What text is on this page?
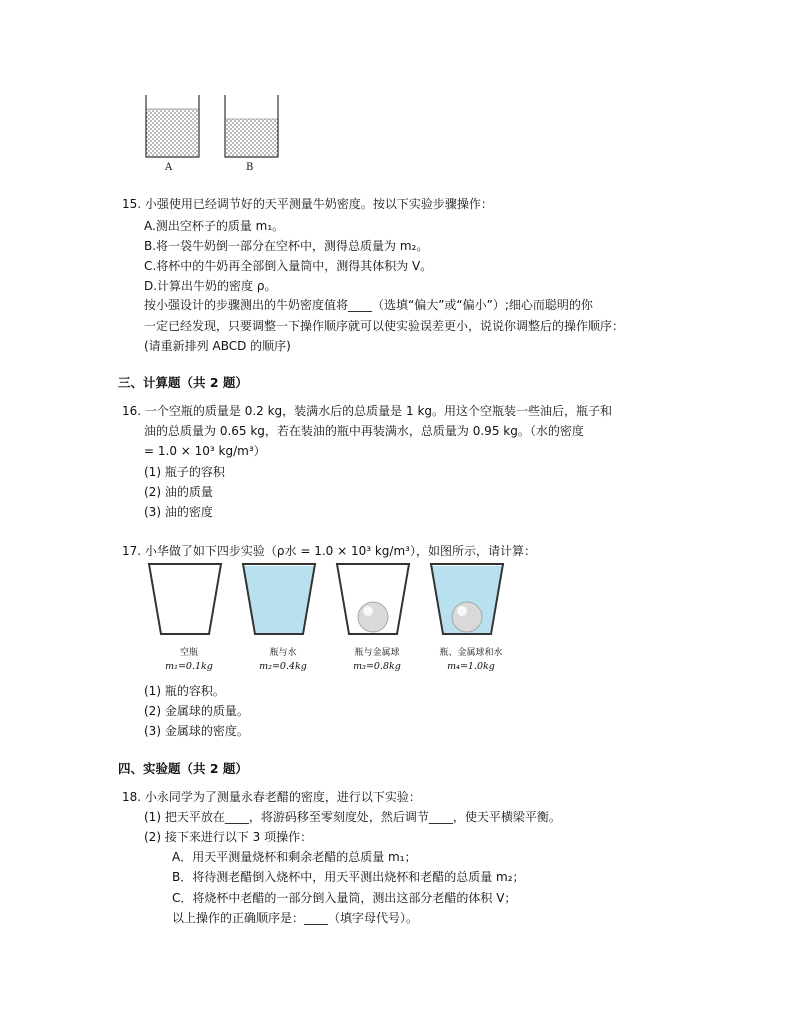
A	B
15. 小强使用已经调节好的天平测量牛奶密度。按以下实验步骤操作：
A.测出空杯子的质量 m₁。
B.将一袋牛奶倒一部分在空杯中，测得总质量为 m₂。
C.将杯中的牛奶再全部倒入量筒中，测得其体积为 V。
D.计算出牛奶的密度 ρ。
按小强设计的步骤测出的牛奶密度值将____（选填“偏大”或“偏小”）;细心而聪明的你
一定已经发现，只要调整一下操作顺序就可以使实验误差更小，说说你调整后的操作顺序：
(请重新排列 ABCD 的顺序)
三、计算题（共 2 题）
16. 一个空瓶的质量是 0.2 kg，装满水后的总质量是 1 kg。用这个空瓶装一些油后，瓶子和
油的总质量为 0.65 kg，若在装油的瓶中再装满水，总质量为 0.95 kg。（水的密度
= 1.0 × 10³ kg/m³）
(1) 瓶子的容积
(2) 油的质量
(3) 油的密度
17. 小华做了如下四步实验（ρ水 = 1.0 × 10³ kg/m³），如图所示，请计算：
空瓶	瓶与水	瓶与金属球	瓶、金属球和水
m₁=0.1kg	m₂=0.4kg	m₃=0.8kg	m₄=1.0kg
(1) 瓶的容积。
(2) 金属球的质量。
(3) 金属球的密度。
四、实验题（共 2 题）
18. 小永同学为了测量永春老醋的密度，进行以下实验：
(1) 把天平放在____，将游码移至零刻度处，然后调节____，使天平横梁平衡。
(2) 接下来进行以下 3 项操作：
A．用天平测量烧杯和剩余老醋的总质量 m₁；
B．将待测老醋倒入烧杯中，用天平测出烧杯和老醋的总质量 m₂；
C．将烧杯中老醋的一部分倒入量筒，测出这部分老醋的体积 V；
以上操作的正确顺序是：____（填字母代号）。
